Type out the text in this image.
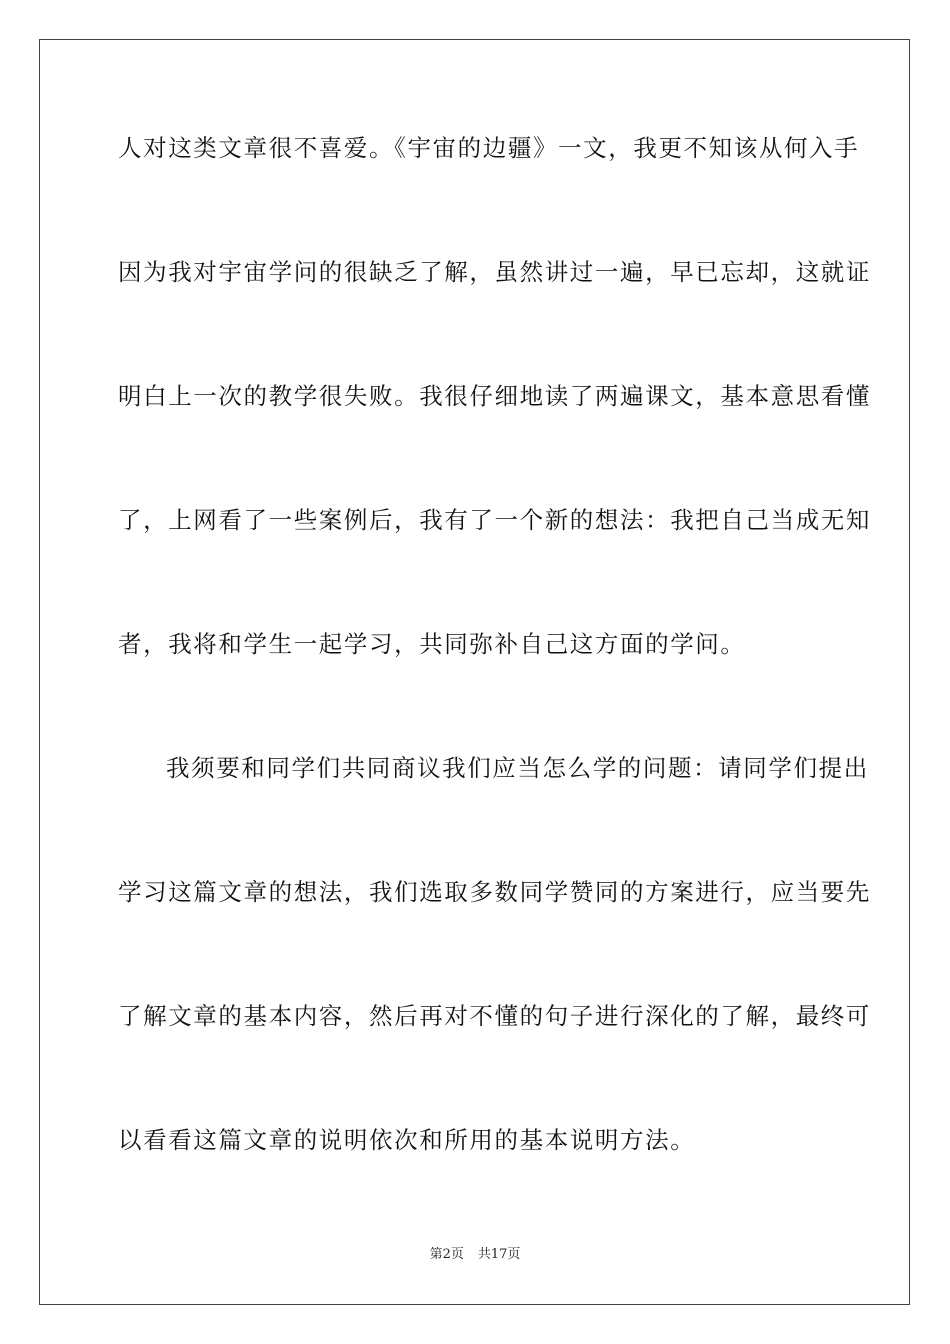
人对这类文章很不喜爱。《宇宙的边疆》一文，我更不知该从何入手
因为我对宇宙学问的很缺乏了解，虽然讲过一遍，早已忘却，这就证
明白上一次的教学很失败。我很仔细地读了两遍课文，基本意思看懂
了，上网看了一些案例后，我有了一个新的想法：我把自己当成无知
者，我将和学生一起学习，共同弥补自己这方面的学问。
我须要和同学们共同商议我们应当怎么学的问题：请同学们提出
学习这篇文章的想法，我们选取多数同学赞同的方案进行，应当要先
了解文章的基本内容，然后再对不懂的句子进行深化的了解，最终可
以看看这篇文章的说明依次和所用的基本说明方法。
第2页 共17页
